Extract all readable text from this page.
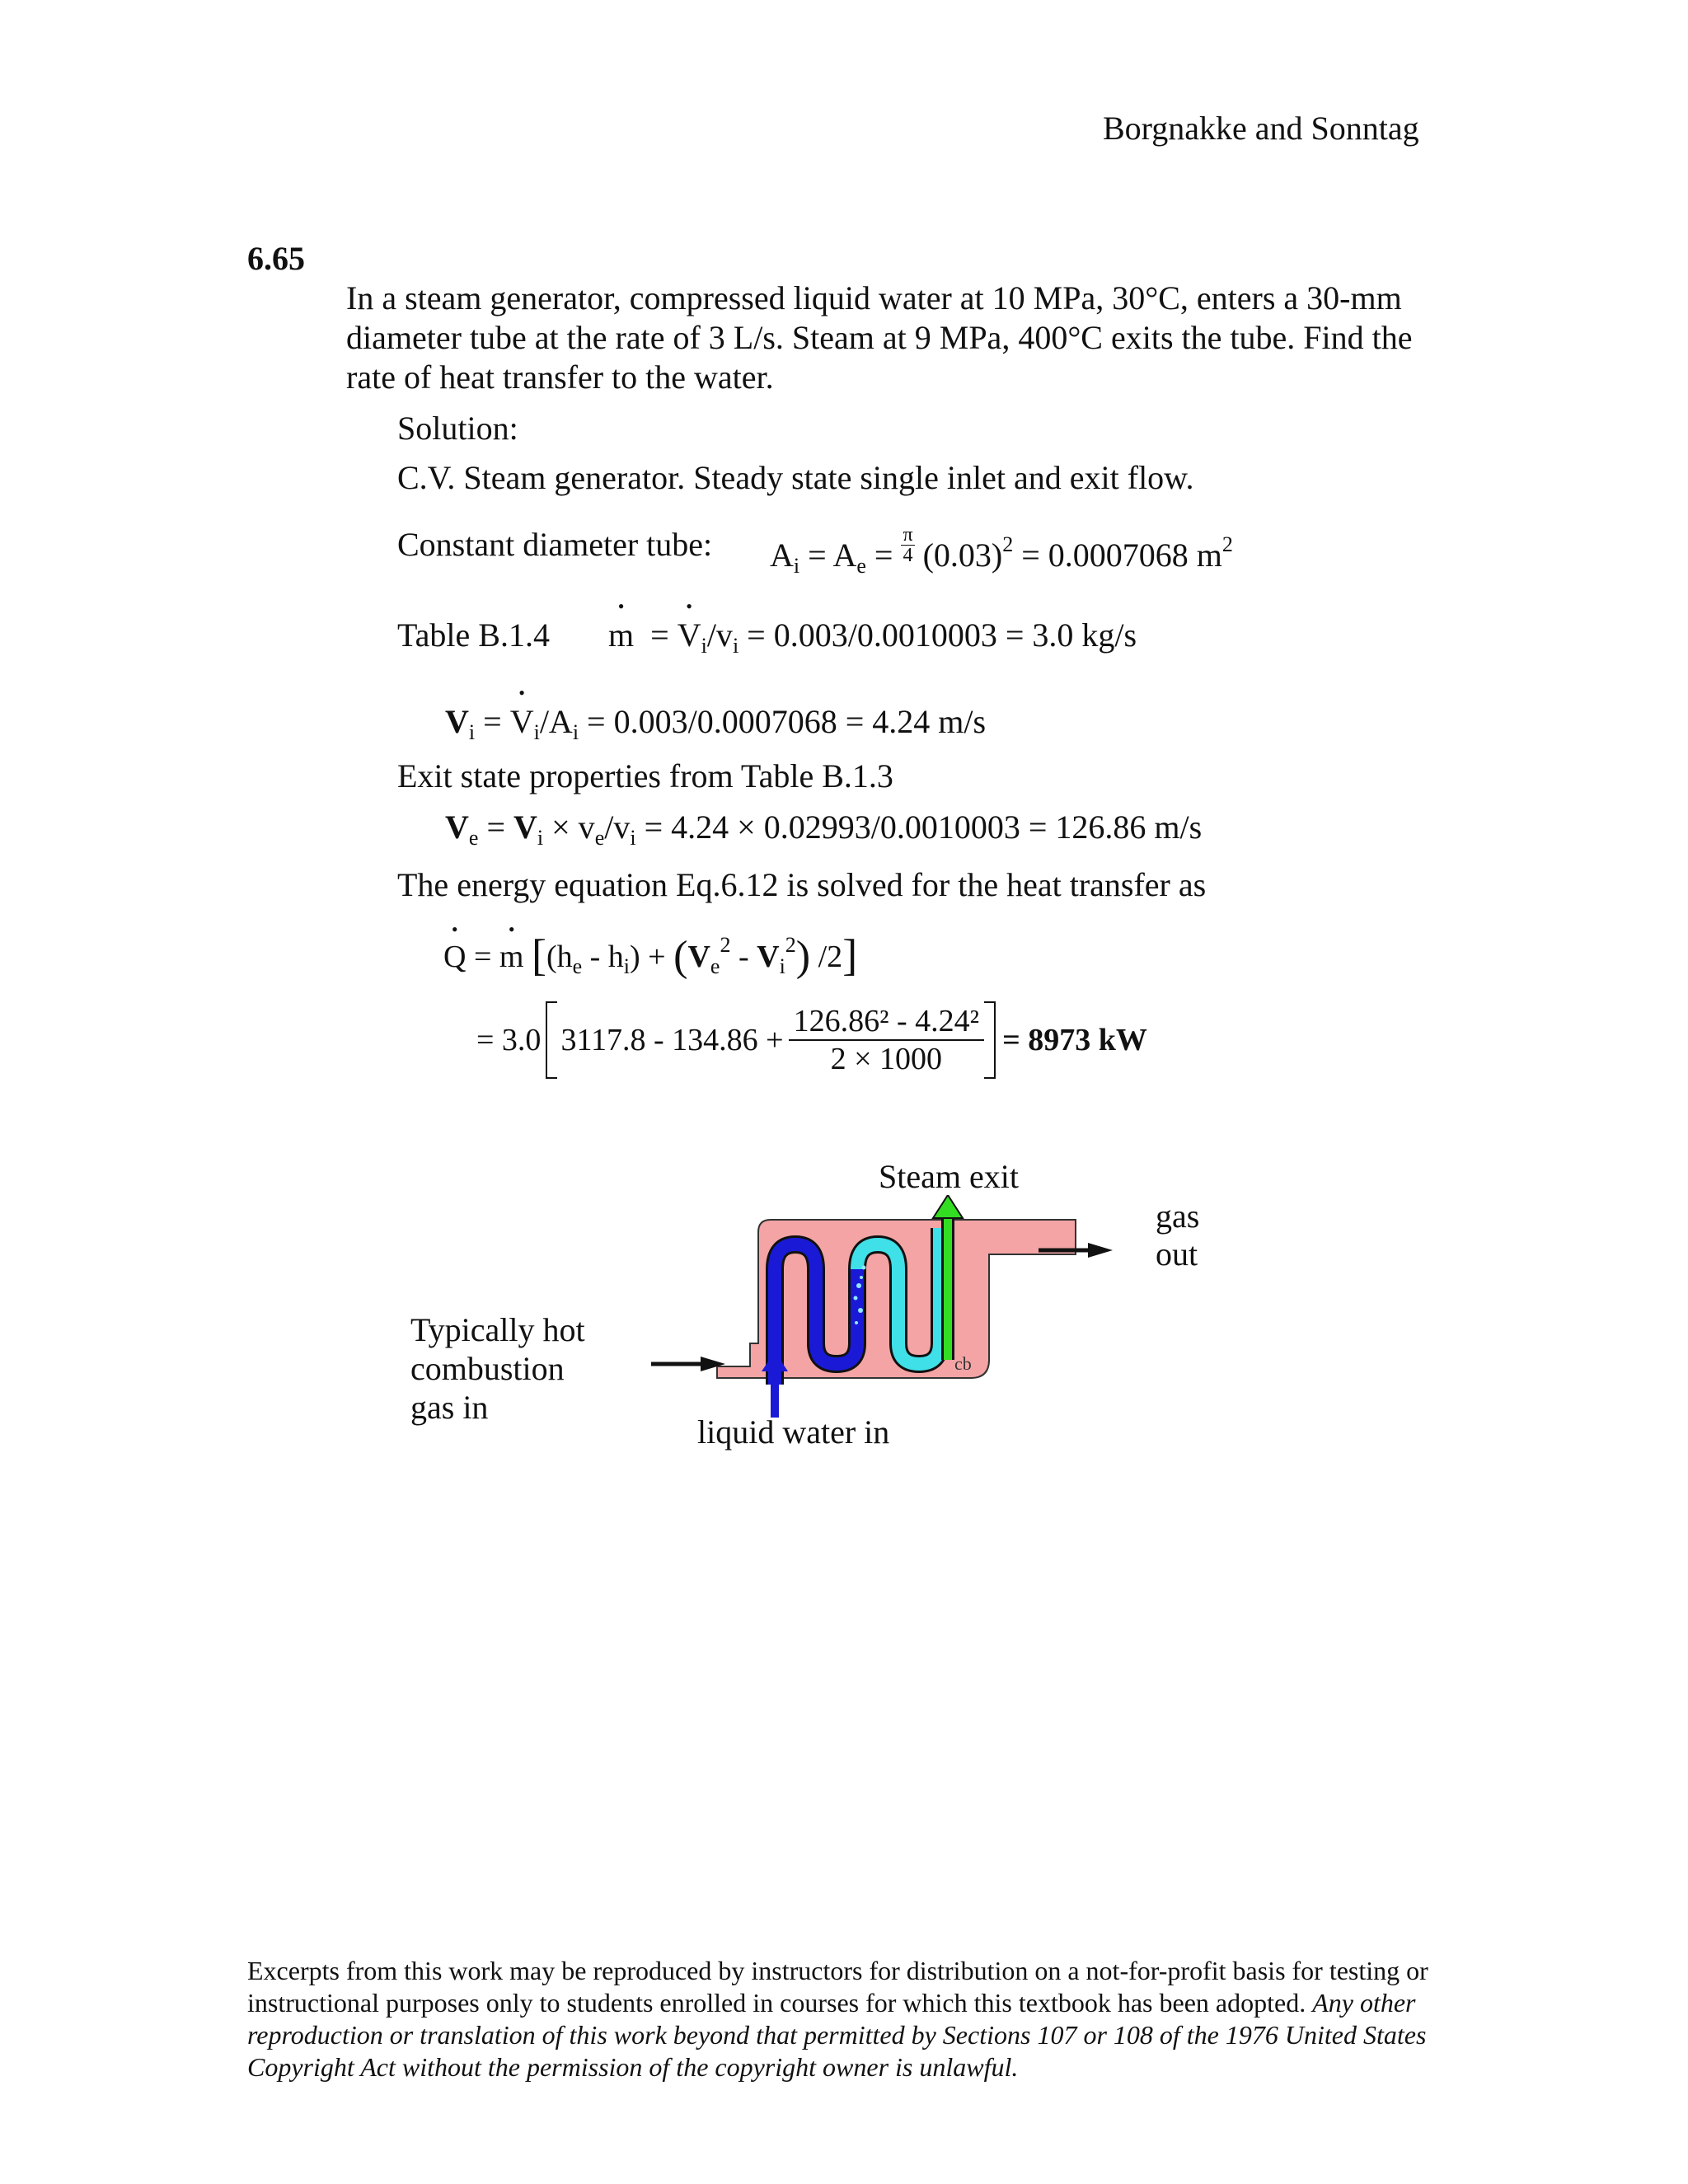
Borgnakke and Sonntag
6.65
In a steam generator, compressed liquid water at 10 MPa, 30°C, enters a 30-mm
diameter tube at the rate of 3 L/s. Steam at 9 MPa, 400°C exits the tube. Find the
rate of heat transfer to the water.
Solution:
C.V. Steam generator. Steady state single inlet and exit flow.
Constant diameter tube: $A_i = A_e = \frac{\pi}{4} (0.03)^2 = 0.0007068$ $m^2$
Table B.1.4
• m  = • $V_i/v_i = 0.003/0.0010003 = 3.0$ kg/s
$V_i$ = • $V_i/A_i = 0.003/0.0007068 = 4.24$ m/s
Exit state properties from Table B.1.3
$V_e = V_i \times v_e/v_i = 4.24 \times 0.02993/0.0010003 = 126.86$ m/s
The energy equation Eq.6.12 is solved for the heat transfer as
• Q = • m [$(h_e - h_i) + (V_e^2 - V_i^2)$ /2]
= 3.0 $3117.8 - 134.86 + \frac{\text{126.86² - 4.24²}}{2 \times 1000} = 8973$ kW
Steam exit
gas
out
Typically hot
combustion
gas in
liquid water in
cb
Excerpts from this work may be reproduced by instructors for distribution on a not-for-profit basis for testing or instructional purposes only to students enrolled in courses for which this textbook has been adopted. Any other reproduction or translation of this work beyond that permitted by Sections 107 or 108 of the 1976 United States Copyright Act without the permission of the copyright owner is unlawful.
